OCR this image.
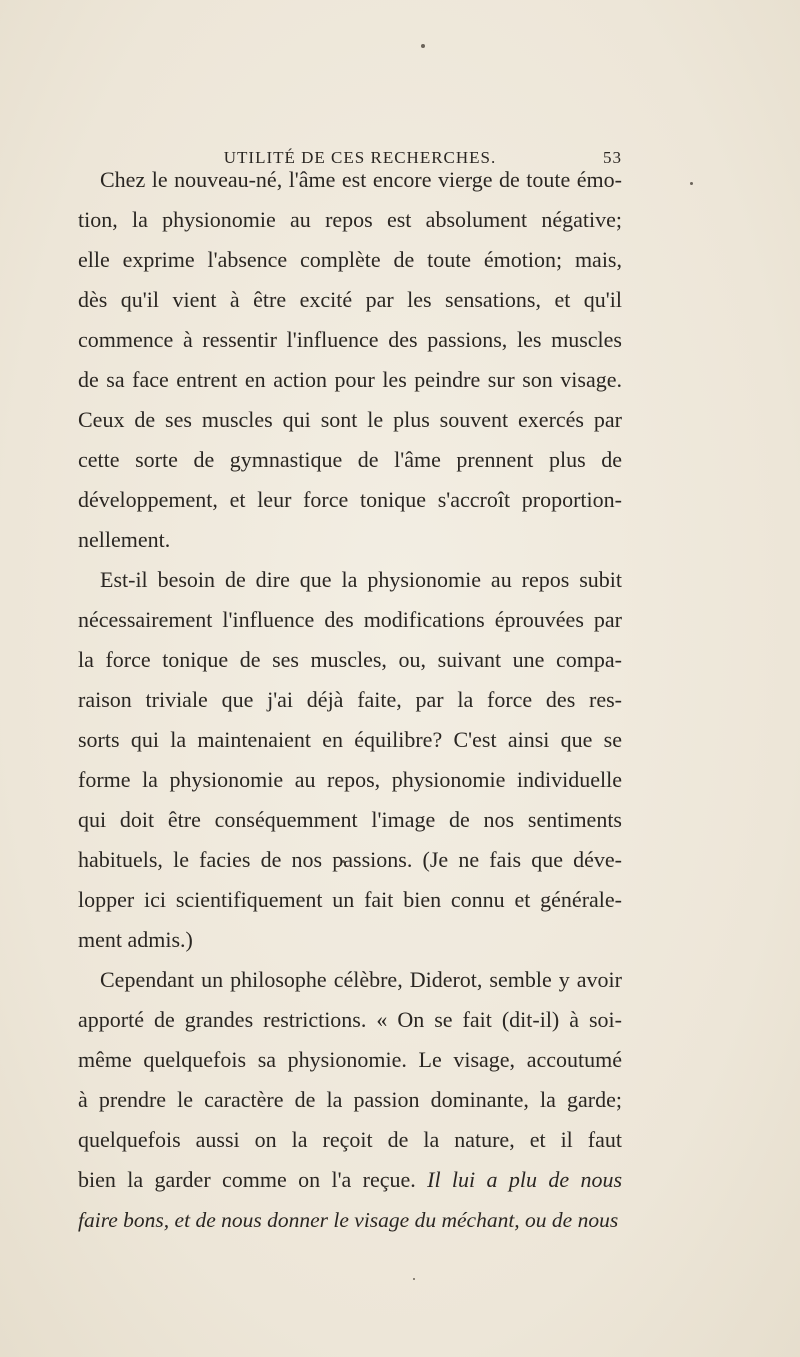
UTILITÉ DE CES RECHERCHES.	53
Chez le nouveau-né, l'âme est encore vierge de toute émo-
tion, la physionomie au repos est absolument négative;
elle exprime l'absence complète de toute émotion; mais,
dès qu'il vient à être excité par les sensations, et qu'il
commence à ressentir l'influence des passions, les muscles
de sa face entrent en action pour les peindre sur son visage.
Ceux de ses muscles qui sont le plus souvent exercés par
cette sorte de gymnastique de l'âme prennent plus de
développement, et leur force tonique s'accroît proportion-
nellement.
Est-il besoin de dire que la physionomie au repos subit
nécessairement l'influence des modifications éprouvées par
la force tonique de ses muscles, ou, suivant une compa-
raison triviale que j'ai déjà faite, par la force des res-
sorts qui la maintenaient en équilibre? C'est ainsi que se
forme la physionomie au repos, physionomie individuelle
qui doit être conséquemment l'image de nos sentiments
habituels, le facies de nos passions. (Je ne fais que déve-
lopper ici scientifiquement un fait bien connu et générale-
ment admis.)
Cependant un philosophe célèbre, Diderot, semble y avoir
apporté de grandes restrictions. « On se fait (dit-il) à soi-
même quelquefois sa physionomie. Le visage, accoutumé
à prendre le caractère de la passion dominante, la garde;
quelquefois aussi on la reçoit de la nature, et il faut
bien la garder comme on l'a reçue. Il lui a plu de nous
faire bons, et de nous donner le visage du méchant, ou de nous
